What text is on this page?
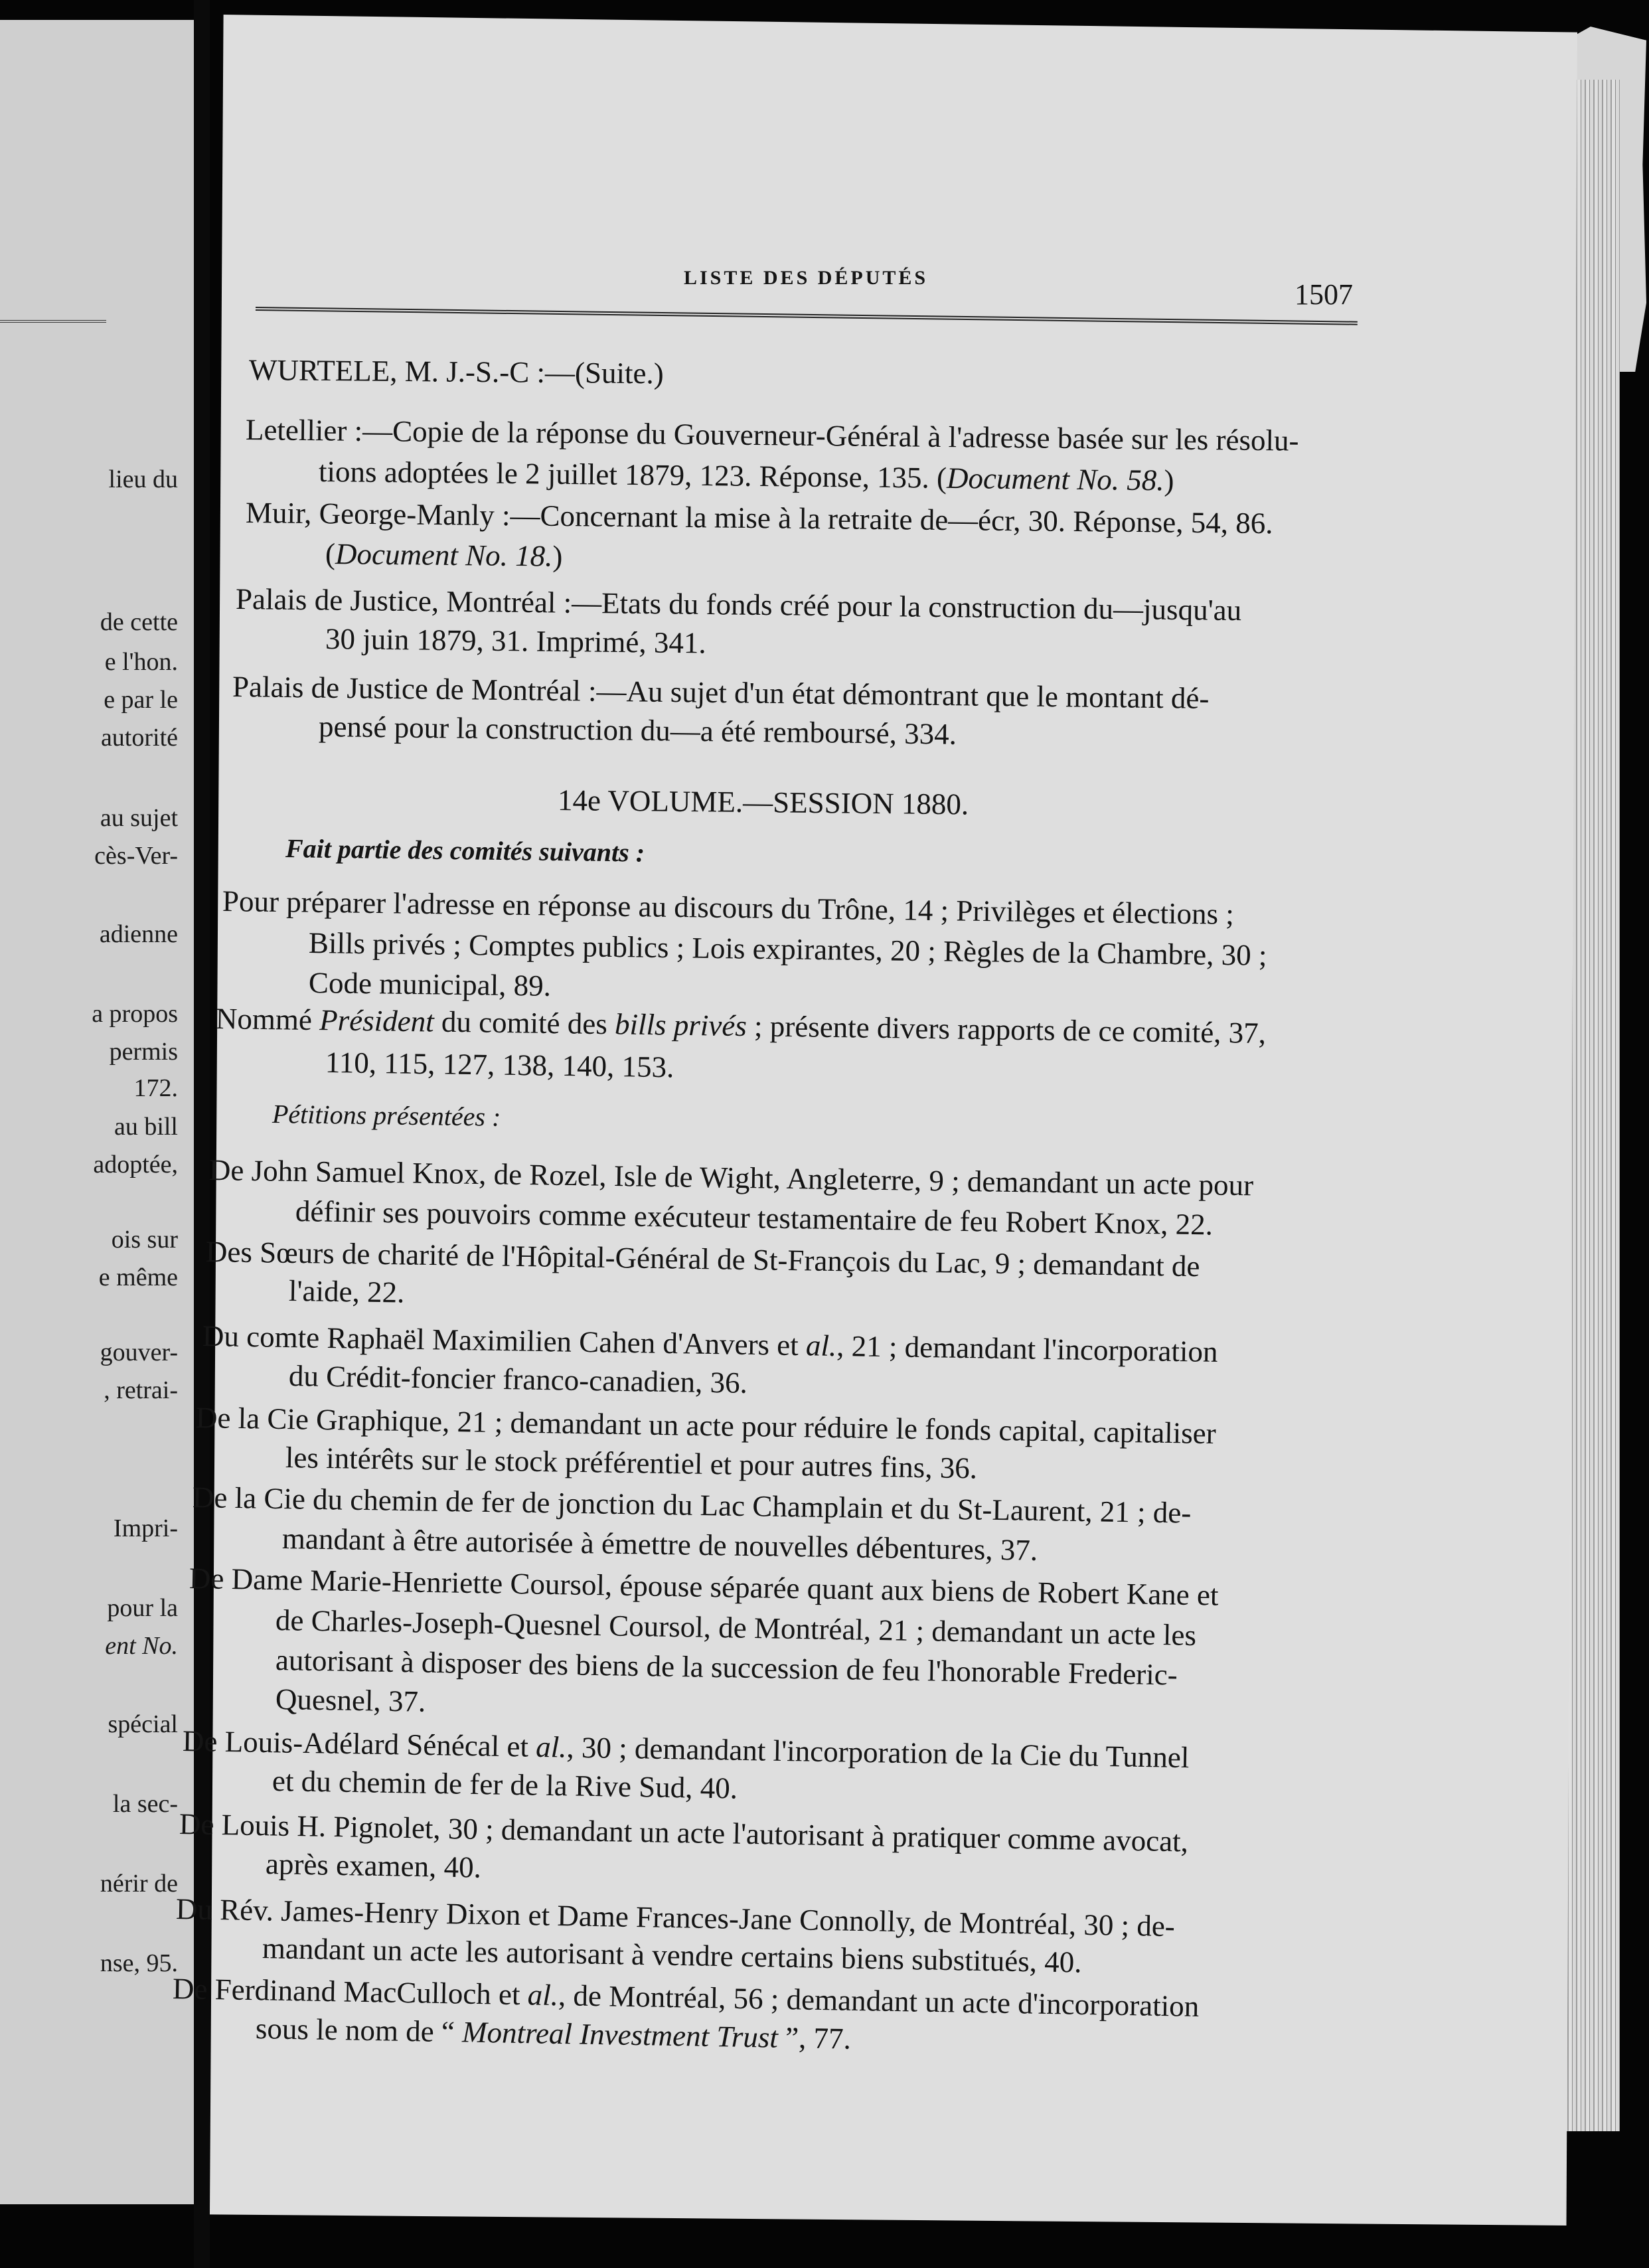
lieu du
de cette
e l'hon.
e par le
autorité
au sujet
cès-Ver-
adienne
a propos
permis
172.
au bill
adoptée,
ois sur
e même
gouver-
, retrai-
Impri-
pour la
ent No.
spécial
la sec-
nérir de
nse, 95.
LISTE DES DÉPUTÉS
1507
WURTELE, M. J.-S.-C :—(Suite.)
Letellier :—Copie de la réponse du Gouverneur-Général à l'adresse basée sur les résolu-
tions adoptées le 2 juillet 1879, 123. Réponse, 135. (Document No. 58.)
Muir, George-Manly :—Concernant la mise à la retraite de—écr, 30. Réponse, 54, 86.
(Document No. 18.)
Palais de Justice, Montréal :—Etats du fonds créé pour la construction du—jusqu'au
30 juin 1879, 31. Imprimé, 341.
Palais de Justice de Montréal :—Au sujet d'un état démontrant que le montant dé-
pensé pour la construction du—a été remboursé, 334.
14e VOLUME.—SESSION 1880.
Fait partie des comités suivants :
Pour préparer l'adresse en réponse au discours du Trône, 14 ; Privilèges et élections ;
Bills privés ; Comptes publics ; Lois expirantes, 20 ; Règles de la Chambre, 30 ;
Code municipal, 89.
Nommé Président du comité des bills privés ; présente divers rapports de ce comité, 37,
110, 115, 127, 138, 140, 153.
Pétitions présentées :
De John Samuel Knox, de Rozel, Isle de Wight, Angleterre, 9 ; demandant un acte pour
définir ses pouvoirs comme exécuteur testamentaire de feu Robert Knox, 22.
Des Sœurs de charité de l'Hôpital-Général de St-François du Lac, 9 ; demandant de
l'aide, 22.
Du comte Raphaël Maximilien Cahen d'Anvers et al., 21 ; demandant l'incorporation
du Crédit-foncier franco-canadien, 36.
De la Cie Graphique, 21 ; demandant un acte pour réduire le fonds capital, capitaliser
les intérêts sur le stock préférentiel et pour autres fins, 36.
De la Cie du chemin de fer de jonction du Lac Champlain et du St-Laurent, 21 ; de-
mandant à être autorisée à émettre de nouvelles débentures, 37.
De Dame Marie-Henriette Coursol, épouse séparée quant aux biens de Robert Kane et
de Charles-Joseph-Quesnel Coursol, de Montréal, 21 ; demandant un acte les
autorisant à disposer des biens de la succession de feu l'honorable Frederic-
Quesnel, 37.
De Louis-Adélard Sénécal et al., 30 ; demandant l'incorporation de la Cie du Tunnel
et du chemin de fer de la Rive Sud, 40.
De Louis H. Pignolet, 30 ; demandant un acte l'autorisant à pratiquer comme avocat,
après examen, 40.
Du Rév. James-Henry Dixon et Dame Frances-Jane Connolly, de Montréal, 30 ; de-
mandant un acte les autorisant à vendre certains biens substitués, 40.
De Ferdinand MacCulloch et al., de Montréal, 56 ; demandant un acte d'incorporation
sous le nom de “ Montreal Investment Trust ”, 77.
